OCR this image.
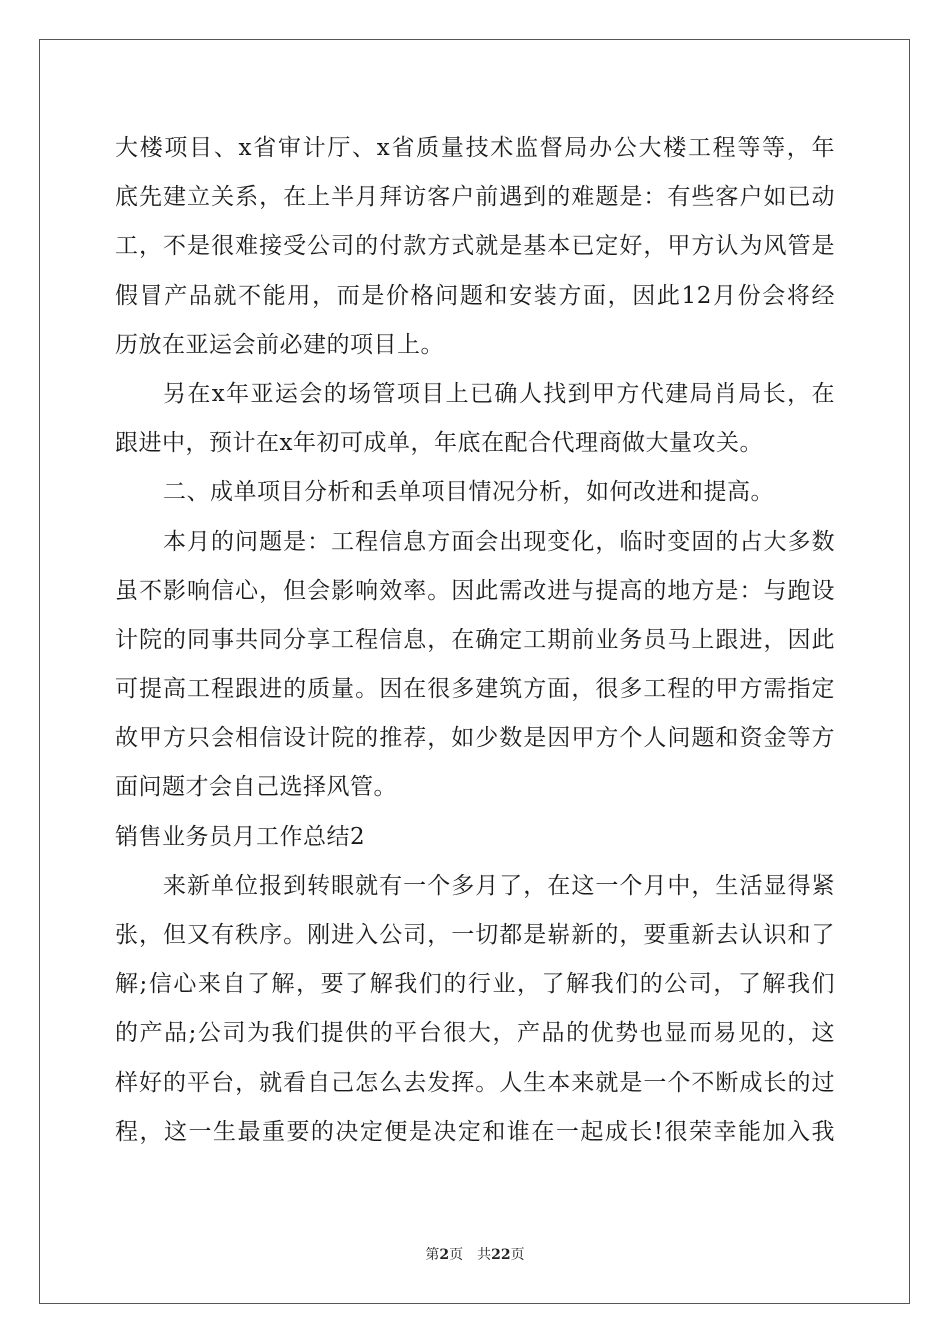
大楼项目、x省审计厅、x省质量技术监督局办公大楼工程等等，年
底先建立关系，在上半月拜访客户前遇到的难题是：有些客户如已动
工，不是很难接受公司的付款方式就是基本已定好，甲方认为风管是
假冒产品就不能用，而是价格问题和安装方面，因此12月份会将经
历放在亚运会前必建的项目上。
另在x年亚运会的场管项目上已确人找到甲方代建局肖局长，在
跟进中，预计在x年初可成单，年底在配合代理商做大量攻关。
二、成单项目分析和丢单项目情况分析，如何改进和提高。
本月的问题是：工程信息方面会出现变化，临时变固的占大多数
虽不影响信心，但会影响效率。因此需改进与提高的地方是：与跑设
计院的同事共同分享工程信息，在确定工期前业务员马上跟进，因此
可提高工程跟进的质量。因在很多建筑方面，很多工程的甲方需指定
故甲方只会相信设计院的推荐，如少数是因甲方个人问题和资金等方
面问题才会自己选择风管。
销售业务员月工作总结2
来新单位报到转眼就有一个多月了，在这一个月中，生活显得紧
张，但又有秩序。刚进入公司，一切都是崭新的，要重新去认识和了
解;信心来自了解，要了解我们的行业，了解我们的公司，了解我们
的产品;公司为我们提供的平台很大，产品的优势也显而易见的，这
样好的平台，就看自己怎么去发挥。人生本来就是一个不断成长的过
程，这一生最重要的决定便是决定和谁在一起成长!很荣幸能加入我
第2页 共22页
